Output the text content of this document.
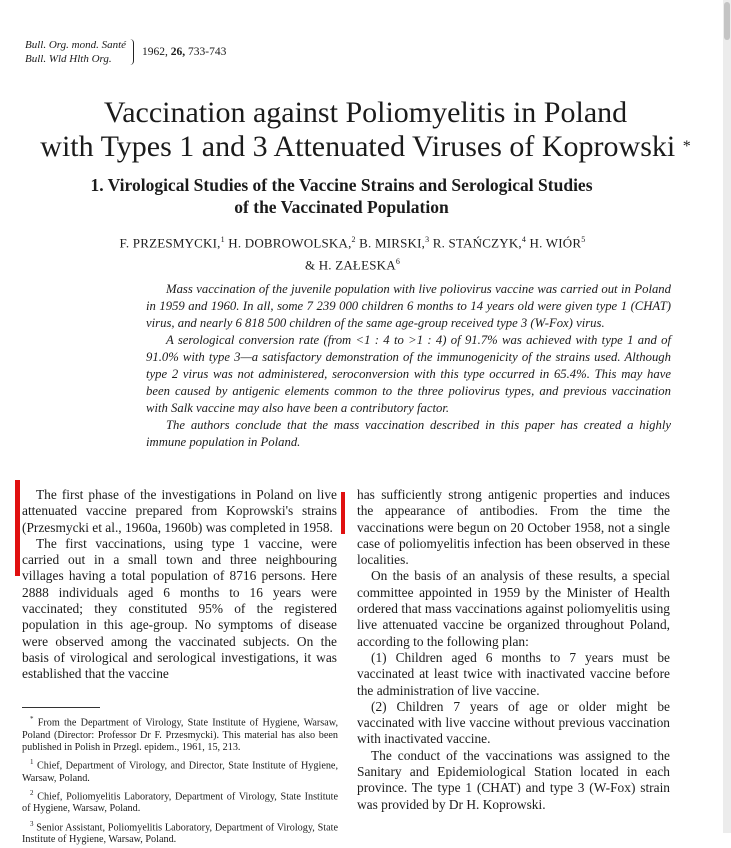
Bull. Org. mond. Santé
Bull. Wld Hlth Org.
1962, 26, 733-743
Vaccination against Poliomyelitis in Poland
with Types 1 and 3 Attenuated Viruses of Koprowski *
1. Virological Studies of the Vaccine Strains and Serological Studies
of the Vaccinated Population
F. PRZESMYCKI,$^1$ H. DOBROWOLSKA,$^2$ B. MIRSKI,$^3$ R. STAŃCZYK,$^4$ H. WIÓR$^5$
& H. ZAŁESKA$^6$

Mass vaccination of the juvenile population with live poliovirus vaccine was carried out in Poland in 1959 and 1960. In all, some 7 239 000 children 6 months to 14 years old were given type 1 (CHAT) virus, and nearly 6 818 500 children of the same age-group received type 3 (W-Fox) virus.

A serological conversion rate (from <1 : 4 to >1 : 4) of 91.7% was achieved with type 1 and of 91.0% with type 3—a satisfactory demonstration of the immunogenicity of the strains used. Although type 2 virus was not administered, seroconversion with this type occurred in 65.4%. This may have been caused by antigenic elements common to the three poliovirus types, and previous vaccination with Salk vaccine may also have been a contributory factor.

The authors conclude that the mass vaccination described in this paper has created a highly immune population in Poland.

The first phase of the investigations in Poland on live attenuated vaccine prepared from Koprowski's strains (Przesmycki et al., 1960a, 1960b) was completed in 1958.

The first vaccinations, using type 1 vaccine, were carried out in a small town and three neighbouring villages having a total population of 8716 persons. Here 2888 individuals aged 6 months to 16 years were vaccinated; they constituted 95% of the registered population in this age-group. No symptoms of disease were observed among the vaccinated subjects. On the basis of virological and serological investigations, it was established that the vaccine

has sufficiently strong antigenic properties and induces the appearance of antibodies. From the time the vaccinations were begun on 20 October 1958, not a single case of poliomyelitis infection has been observed in these localities.

On the basis of an analysis of these results, a special committee appointed in 1959 by the Minister of Health ordered that mass vaccinations against poliomyelitis using live attenuated vaccine be organized throughout Poland, according to the following plan:

(1) Children aged 6 months to 7 years must be vaccinated at least twice with inactivated vaccine before the administration of live vaccine.

(2) Children 7 years of age or older might be vaccinated with live vaccine without previous vaccination with inactivated vaccine.

The conduct of the vaccinations was assigned to the Sanitary and Epidemiological Station located in each province. The type 1 (CHAT) and type 3 (W-Fox) strain was provided by Dr H. Koprowski.

* From the Department of Virology, State Institute of Hygiene, Warsaw, Poland (Director: Professor Dr F. Przesmycki). This material has also been published in Polish in Przegl. epidem., 1961, 15, 213.

$^1$ Chief, Department of Virology, and Director, State Institute of Hygiene, Warsaw, Poland.

$^2$ Chief, Poliomyelitis Laboratory, Department of Virology, State Institute of Hygiene, Warsaw, Poland.

$^3$ Senior Assistant, Poliomyelitis Laboratory, Department of Virology, State Institute of Hygiene, Warsaw, Poland.
